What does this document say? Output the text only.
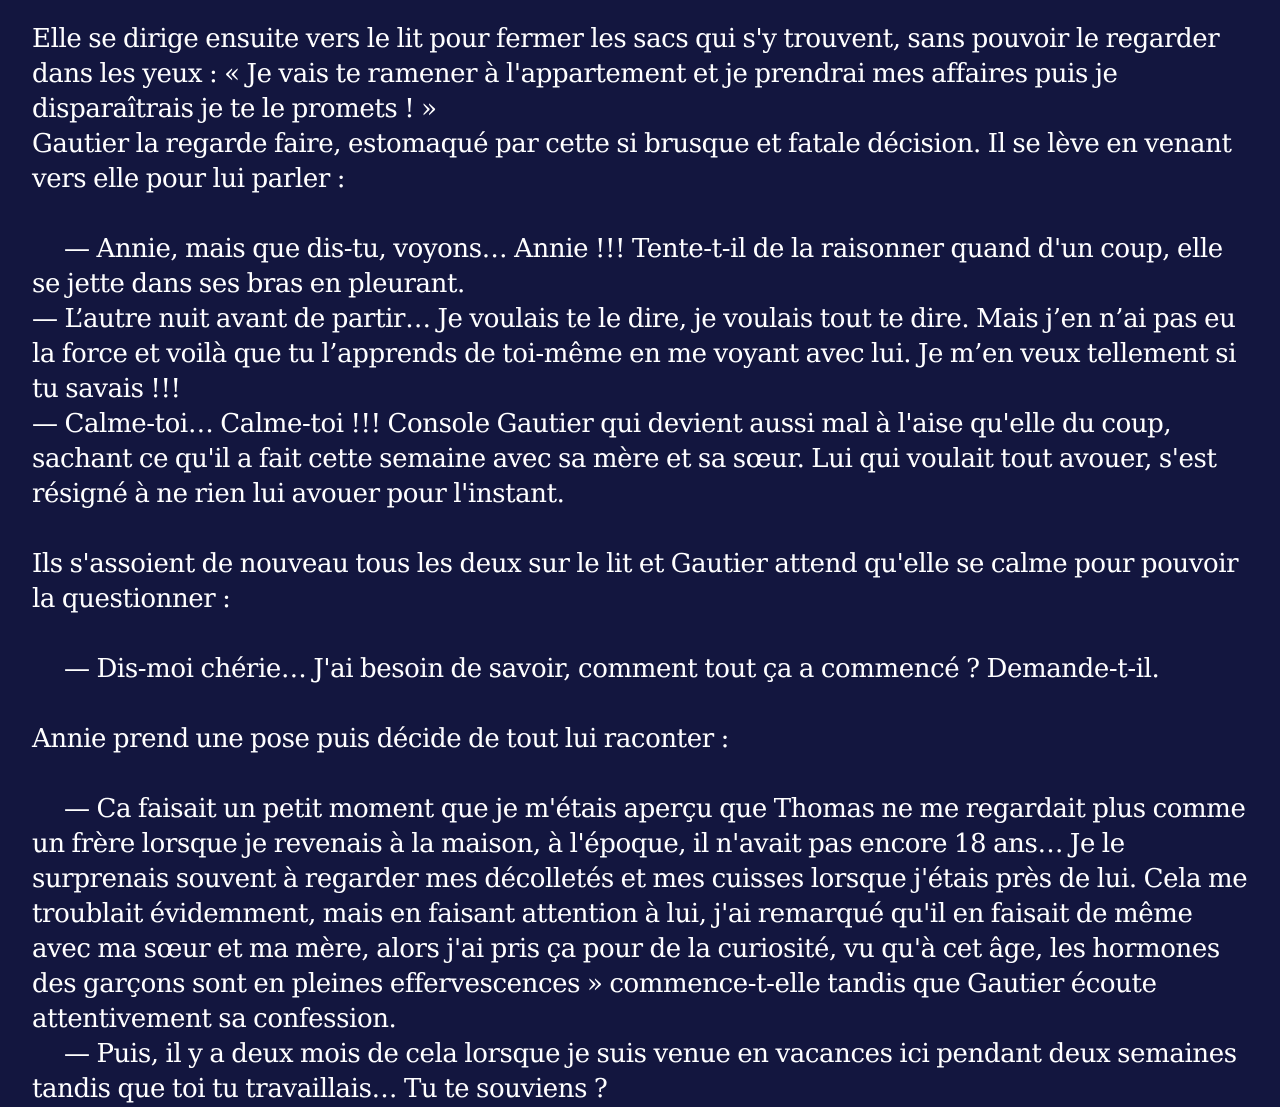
Elle se dirige ensuite vers le lit pour fermer les sacs qui s'y trouvent, sans pouvoir le regarder dans les yeux : « Je vais te ramener à l'appartement et je prendrai mes affaires puis je disparaîtrais je te le promets ! »

Gautier la regarde faire, estomaqué par cette si brusque et fatale décision. Il se lève en venant vers elle pour lui parler :

— Annie, mais que dis-tu, voyons… Annie !!! Tente-t-il de la raisonner quand d'un coup, elle se jette dans ses bras en pleurant.

— L’autre nuit avant de partir… Je voulais te le dire, je voulais tout te dire. Mais j’en n’ai pas eu la force et voilà que tu l’apprends de toi-même en me voyant avec lui. Je m’en veux tellement si tu savais !!!

— Calme-toi… Calme-toi !!! Console Gautier qui devient aussi mal à l'aise qu'elle du coup, sachant ce qu'il a fait cette semaine avec sa mère et sa sœur. Lui qui voulait tout avouer, s'est résigné à ne rien lui avouer pour l'instant.

Ils s'assoient de nouveau tous les deux sur le lit et Gautier attend qu'elle se calme pour pouvoir la questionner :

— Dis-moi chérie… J'ai besoin de savoir, comment tout ça a commencé ? Demande-t-il.

Annie prend une pose puis décide de tout lui raconter :

— Ca faisait un petit moment que je m'étais aperçu que Thomas ne me regardait plus comme un frère lorsque je revenais à la maison, à l'époque, il n'avait pas encore 18 ans… Je le surprenais souvent à regarder mes décolletés et mes cuisses lorsque j'étais près de lui. Cela me troublait évidemment, mais en faisant attention à lui, j'ai remarqué qu'il en faisait de même avec ma sœur et ma mère, alors j'ai pris ça pour de la curiosité, vu qu'à cet âge, les hormones des garçons sont en pleines effervescences » commence-t-elle tandis que Gautier écoute attentivement sa confession.

— Puis, il y a deux mois de cela lorsque je suis venue en vacances ici pendant deux semaines tandis que toi tu travaillais… Tu te souviens ?
